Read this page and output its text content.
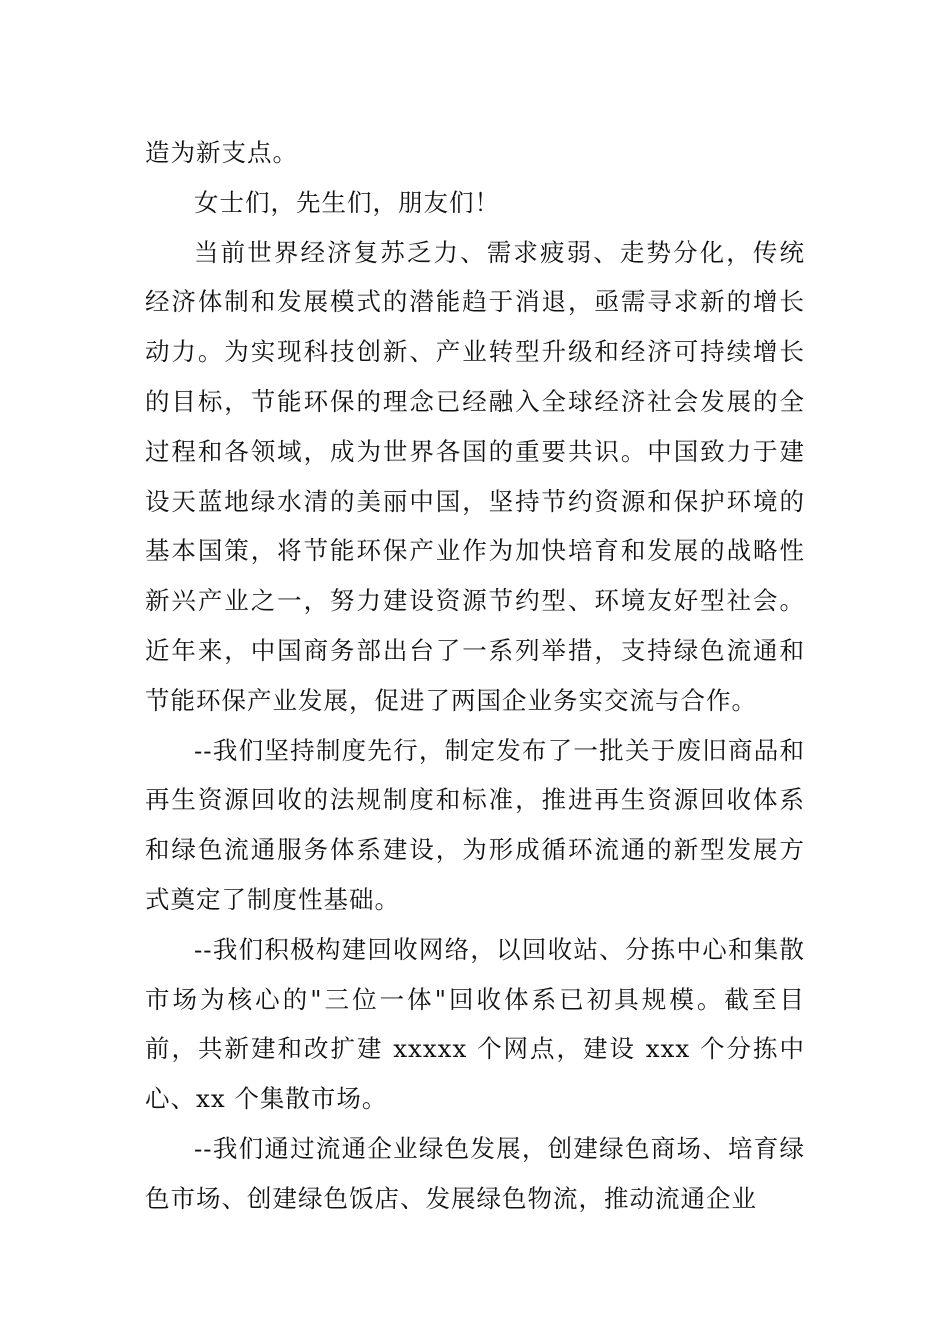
造为新支点。

女士们，先生们，朋友们！

当前世界经济复苏乏力、需求疲弱、走势分化，传统经济体制和发展模式的潜能趋于消退，亟需寻求新的增长动力。为实现科技创新、产业转型升级和经济可持续增长的目标，节能环保的理念已经融入全球经济社会发展的全过程和各领域，成为世界各国的重要共识。中国致力于建设天蓝地绿水清的美丽中国，坚持节约资源和保护环境的基本国策，将节能环保产业作为加快培育和发展的战略性新兴产业之一，努力建设资源节约型、环境友好型社会。近年来，中国商务部出台了一系列举措，支持绿色流通和节能环保产业发展，促进了两国企业务实交流与合作。

--我们坚持制度先行，制定发布了一批关于废旧商品和再生资源回收的法规制度和标准，推进再生资源回收体系和绿色流通服务体系建设，为形成循环流通的新型发展方式奠定了制度性基础。

--我们积极构建回收网络，以回收站、分拣中心和集散市场为核心的"三位一体"回收体系已初具规模。截至目前，共新建和改扩建 xxxxx 个网点，建设 xxx 个分拣中心、xx 个集散市场。

--我们通过流通企业绿色发展，创建绿色商场、培育绿色市场、创建绿色饭店、发展绿色物流，推动流通企业
